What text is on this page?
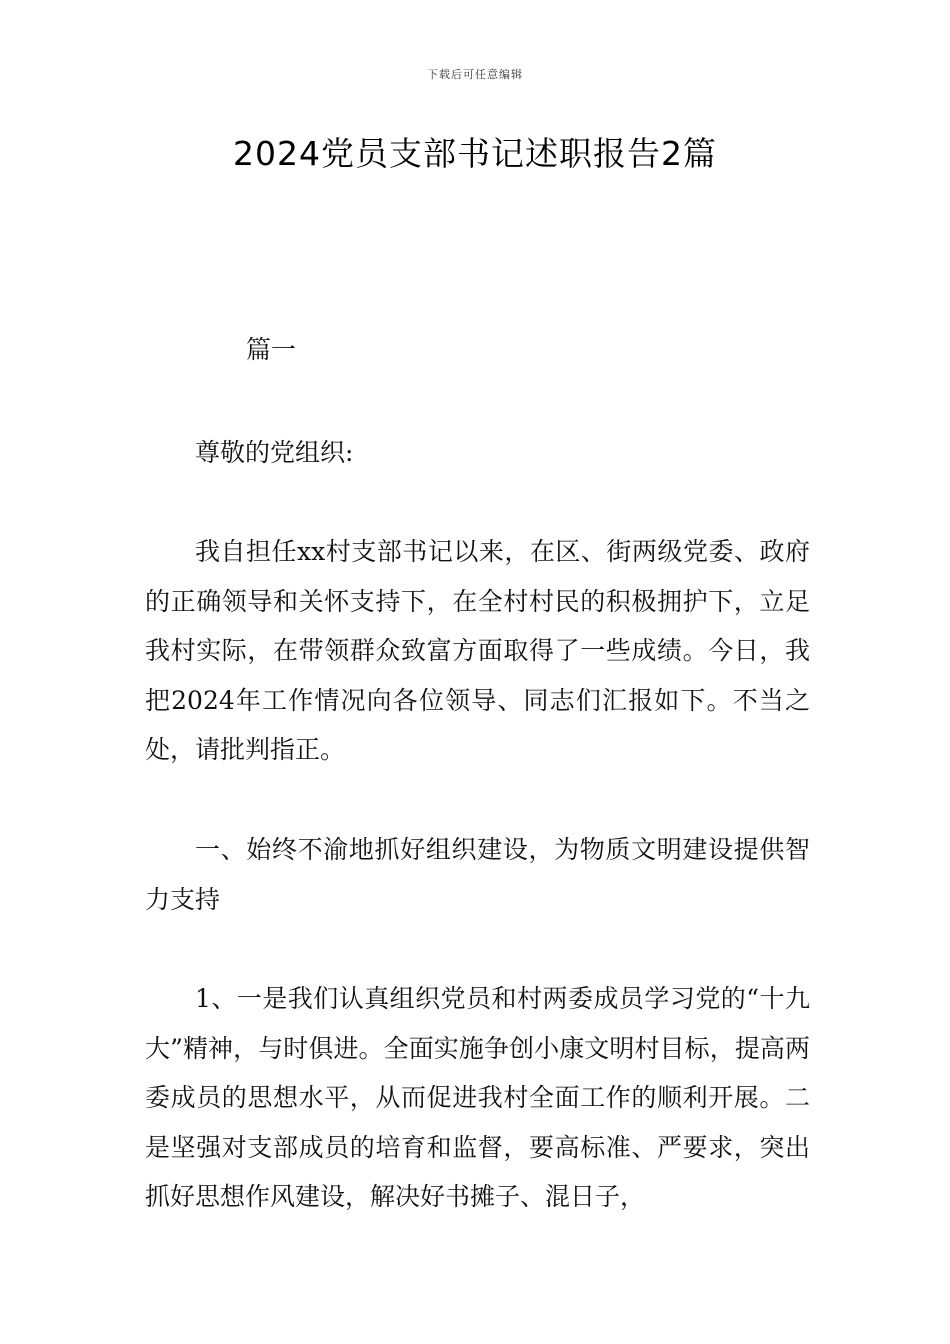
下载后可任意编辑
2024党员支部书记述职报告2篇

篇一

尊敬的党组织:

我自担任xx村支部书记以来，在区、街两级党委、政府的正确领导和关怀支持下，在全村村民的积极拥护下，立足我村实际，在带领群众致富方面取得了一些成绩。今日，我把2024年工作情况向各位领导、同志们汇报如下。不当之处，请批判指正。

一、始终不渝地抓好组织建设，为物质文明建设提供智力支持

1、一是我们认真组织党员和村两委成员学习党的“十九大”精神，与时俱进。全面实施争创小康文明村目标，提高两委成员的思想水平，从而促进我村全面工作的顺利开展。二是坚强对支部成员的培育和监督，要高标准、严要求，突出抓好思想作风建设，解决好书摊子、混日子，
